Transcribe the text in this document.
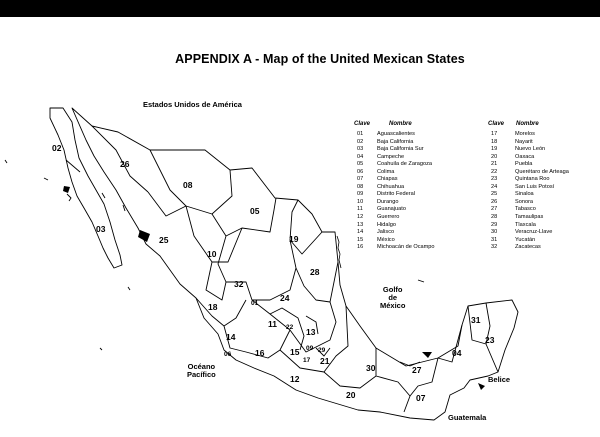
APPENDIX A - Map of the United Mexican States
Estados Unidos de América
Golfo
de
México
Océano
Pacífico
Belice
Guatemala
02
26
08
05
03
25	19
10
28
32
24
01
18
31
11 22 13
14	23
09
15	29
16	04
06
17 21
30	27
12
20	07
Clave	Nombre	Clave Nombre
01 Aguascalientes
02 Baja California
03 Baja California Sur
04 Campeche
05 Coahuila de Zaragoza
06 Colima
07 Chiapas
08 Chihuahua
09 Distrito Federal
10 Durango
11	Guanajuato
12 Guerrero
13 Hidalgo
14 Jalisco
15 México
16 Michoacán de Ocampo
17	Morelos
18	Nayarit
19	Nuevo León
20	Oaxaca
21	Puebla
22	Querétaro de Arteaga
23	Quintana Roo
24	San Luis Potosí
25	Sinaloa
26	Sonora
27	Tabasco
28	Tamaulipas
29	Tlaxcala
30	Veracruz-Llave
31	Yucatán
32	Zacatecas
